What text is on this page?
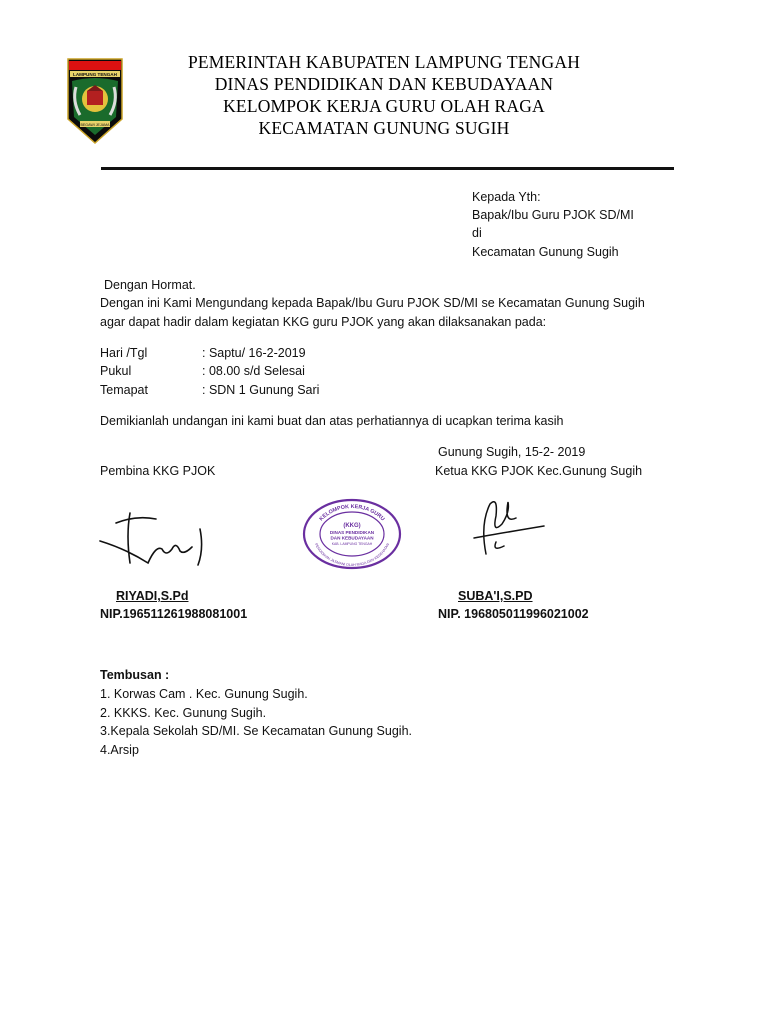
LAMPUNG TENGAH
BEGAWI JEJAMA
PEMERINTAH KABUPATEN LAMPUNG TENGAH
DINAS PENDIDIKAN DAN KEBUDAYAAN
KELOMPOK KERJA GURU OLAH RAGA
KECAMATAN GUNUNG SUGIH
Kepada Yth:
Bapak/Ibu Guru PJOK SD/MI
di
Kecamatan Gunung Sugih
Dengan Hormat.
Dengan ini Kami Mengundang kepada Bapak/Ibu Guru PJOK SD/MI se Kecamatan Gunung Sugih
agar dapat hadir dalam kegiatan KKG guru PJOK yang akan dilaksanakan pada:
Hari /Tgl	: Saptu/ 16-2-2019
Pukul	: 08.00 s/d Selesai
Temapat	: SDN 1 Gunung Sari
Demikianlah undangan ini kami buat dan atas perhatiannya di ucapkan terima kasih
Gunung Sugih, 15-2- 2019
Pembina KKG PJOK	Ketua KKG PJOK Kec.Gunung Sugih
KELOMPOK KERJA GURU
PENDIDIKAN JASMANI OLAH RAGA DAN KESEHATAN
(KKG)
DINAS PENDIDIKAN
DAN KEBUDAYAAN
KAB. LAMPUNG TENGAH
RIYADI,S.Pd
NIP.196511261988081001
SUBA'I,S.PD
NIP. 196805011996021002
Tembusan :
1. Korwas Cam . Kec. Gunung Sugih.
2. KKKS. Kec. Gunung Sugih.
3.Kepala Sekolah SD/MI. Se Kecamatan Gunung Sugih.
4.Arsip
